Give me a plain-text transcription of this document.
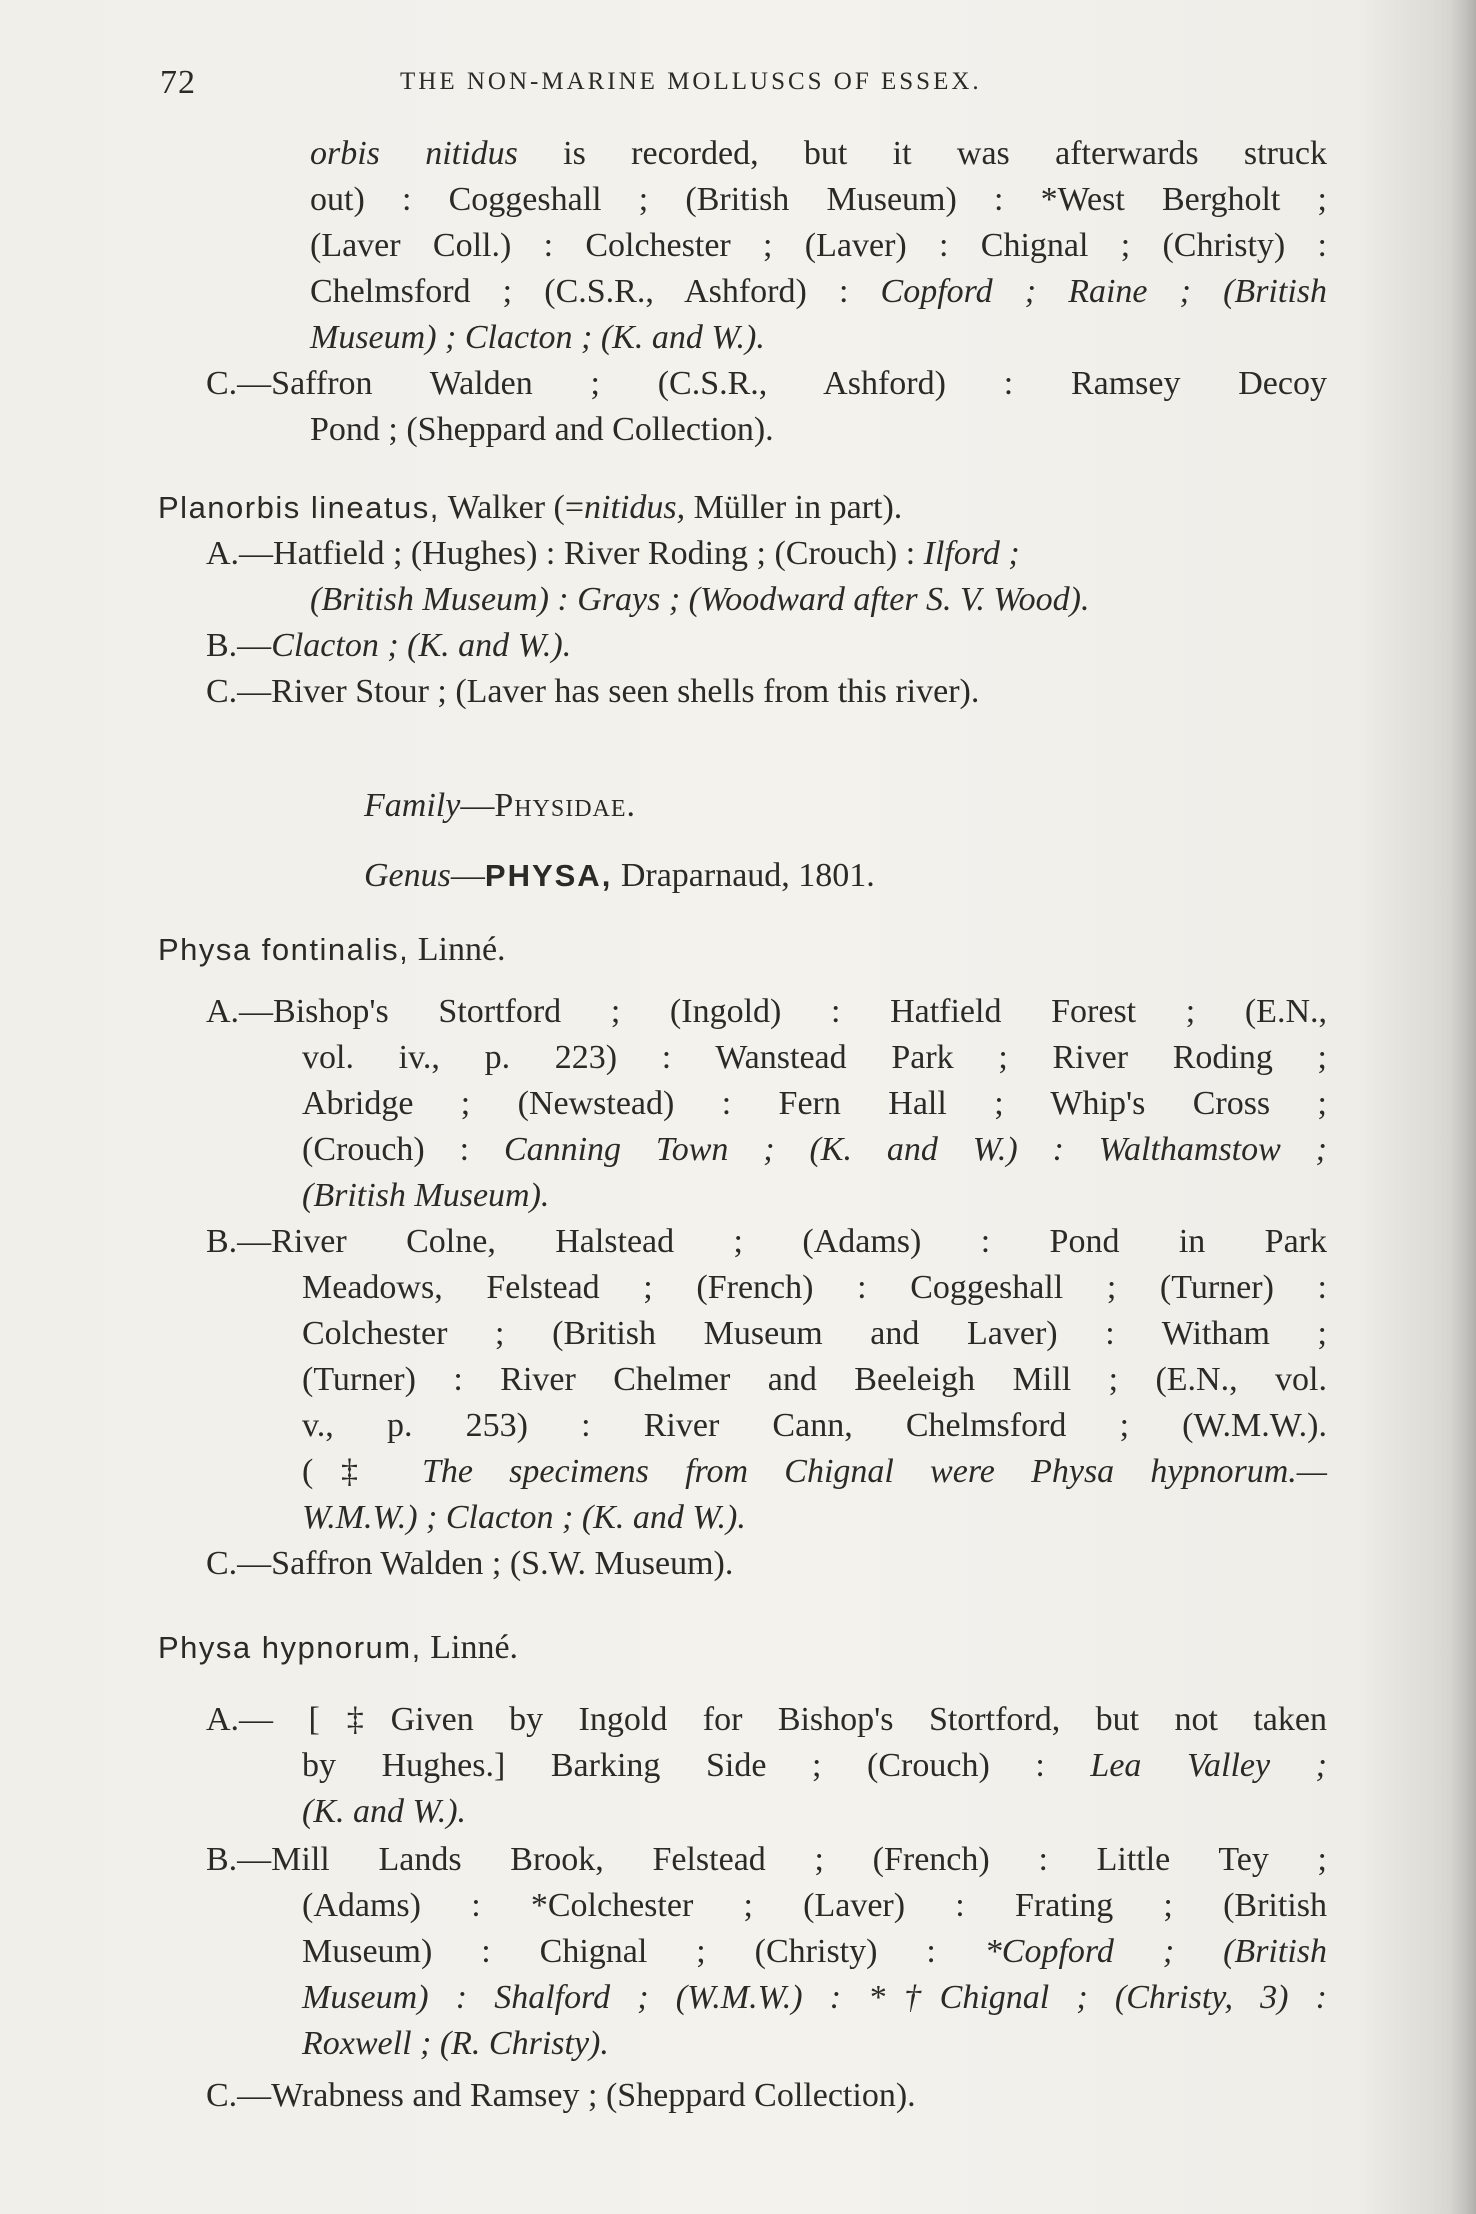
72	THE NON-MARINE MOLLUSCS OF ESSEX.
orbis nitidus is recorded, but it was afterwards struck
out) : Coggeshall ; (British Museum) : *West Bergholt ;
(Laver Coll.) : Colchester ; (Laver) : Chignal ; (Christy) :
Chelmsford ; (C.S.R., Ashford) : Copford ; Raine ; (British
Museum) ; Clacton ; (K. and W.).
C.—Saffron Walden ; (C.S.R., Ashford) : Ramsey Decoy
Pond ; (Sheppard and Collection).
Planorbis lineatus, Walker (=nitidus, Müller in part).
A.—Hatfield ; (Hughes) : River Roding ; (Crouch) : Ilford ;
(British Museum) : Grays ; (Woodward after S. V. Wood).
B.—Clacton ; (K. and W.).
C.—River Stour ; (Laver has seen shells from this river).
Family—Physidae.
Genus—PHYSA, Draparnaud, 1801.
Physa fontinalis, Linné.
A.—Bishop's Stortford ; (Ingold) : Hatfield Forest ; (E.N.,
vol. iv., p. 223) : Wanstead Park ; River Roding ;
Abridge ; (Newstead) : Fern Hall ; Whip's Cross ;
(Crouch) : Canning Town ; (K. and W.) : Walthamstow ;
(British Museum).
B.—River Colne, Halstead ; (Adams) : Pond in Park
Meadows, Felstead ; (French) : Coggeshall ; (Turner) :
Colchester ; (British Museum and Laver) : Witham ;
(Turner) : River Chelmer and Beeleigh Mill ; (E.N., vol.
v., p. 253) : River Cann, Chelmsford ; (W.M.W.).
(‡ The specimens from Chignal were Physa hypnorum.—
W.M.W.) ; Clacton ; (K. and W.).
C.—Saffron Walden ; (S.W. Museum).
Physa hypnorum, Linné.
A.— [‡Given by Ingold for Bishop's Stortford, but not taken
by Hughes.] Barking Side ; (Crouch) : Lea Valley ;
(K. and W.).
B.—Mill Lands Brook, Felstead ; (French) : Little Tey ;
(Adams) : *Colchester ; (Laver) : Frating ; (British
Museum) : Chignal ; (Christy) : *Copford ; (British
Museum) : Shalford ; (W.M.W.) : *†Chignal ; (Christy, 3) :
Roxwell ; (R. Christy).
C.—Wrabness and Ramsey ; (Sheppard Collection).
